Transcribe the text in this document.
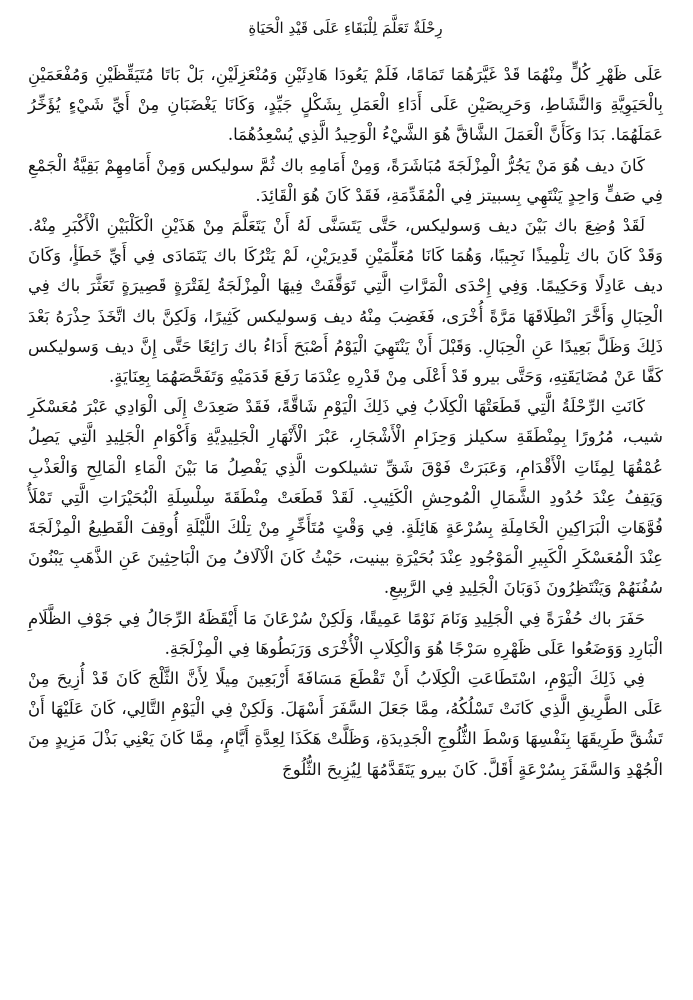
رِحْلَةٌ تَعَلَّمَ لِلْبَقَاءِ عَلَى قَيْدِ الْحَيَاةِ

عَلَى ظَهْرِ كُلٍّ مِنْهُمَا قَدْ غَيَّرَهُمَا تَمَامًا، فَلَمْ يَعُودَا هَادِئَيْنِ وَمُنْعَزِلَيْنِ، بَلْ بَاتَا مُتَيَقِّظَيْنِ وَمُفْعَمَيْنِ بِالْحَيَوِيَّةِ وَالنَّشَاطِ، وَحَرِيصَيْنِ عَلَى أَدَاءِ الْعَمَلِ بِشَكْلٍ جَيِّدٍ، وَكَانَا يَغْضَبَانِ مِنْ أَيِّ شَيْءٍ يُؤَخِّرُ عَمَلَهُمَا. بَدَا وَكَأَنَّ الْعَمَلَ الشَّاقَّ هُوَ الشَّيْءُ الْوَحِيدُ الَّذِي يُسْعِدُهُمَا.

كَانَ ديف هُوَ مَنْ يَجُرُّ الْمِزْلَجَةَ مُبَاشَرَةً، وَمِنْ أَمَامِهِ باك ثُمَّ سوليكس وَمِنْ أَمَامِهِمْ بَقِيَّةُ الْجَمْعِ فِي صَفٍّ وَاحِدٍ يَنْتَهِي بِسبيتز فِي الْمُقَدِّمَةِ، فَقَدْ كَانَ هُوَ الْقَائِدَ.

لَقَدْ وُضِعَ باك بَيْنَ ديف وَسوليكس، حَتَّى يَتَسَنَّى لَهُ أَنْ يَتَعَلَّمَ مِنْ هَذَيْنِ الْكَلْبَيْنِ الْأَكْبَرِ مِنْهُ. وَقَدْ كَانَ باك تِلْمِيذًا نَجِيبًا، وَهُمَا كَانَا مُعَلِّمَيْنِ قَدِيرَيْنِ، لَمْ يَتْرُكَا باك يَتَمَادَى فِي أَيِّ خَطَأٍ، وَكَانَ ديف عَادِلًا وَحَكِيمًا. وَفِي إِحْدَى الْمَرَّاتِ الَّتِي تَوَقَّفَتْ فِيهَا الْمِزْلَجَةُ لِفَتْرَةٍ قَصِيرَةٍ تَعَثَّرَ باك فِي الْحِبَالِ وَأَخَّرَ انْطِلَاقَهَا مَرَّةً أُخْرَى، فَغَضِبَ مِنْهُ ديف وَسوليكس كَثِيرًا، وَلَكِنَّ باك اتَّخَذَ حِذْرَهُ بَعْدَ ذَلِكَ وَظَلَّ بَعِيدًا عَنِ الْحِبَالِ. وَقَبْلَ أَنْ يَنْتَهِيَ الْيَوْمُ أَصْبَحَ أَدَاءُ باك رَائِعًا حَتَّى إِنَّ ديف وَسوليكس كَفَّا عَنْ مُضَايَقَتِهِ، وَحَتَّى بيرو قَدْ أَعْلَى مِنْ قَدْرِهِ عِنْدَمَا رَفَعَ قَدَمَيْهِ وَتَفَحَّصَهُمَا بِعِنَايَةٍ.

كَانَتِ الرِّحْلَةُ الَّتِي قَطَعَتْهَا الْكِلَابُ فِي ذَلِكَ الْيَوْمِ شَاقَّةً، فَقَدْ صَعِدَتْ إِلَى الْوَادِي عَبْرَ مُعَسْكَرِ شيب، مُرُورًا بِمِنْطَقَةِ سكيلز وَحِزَامِ الْأَشْجَارِ، عَبْرَ الْأَنْهَارِ الْجَلِيدِيَّةِ وَأَكْوَامِ الْجَلِيدِ الَّتِي يَصِلُ عُمْقُهَا لِمِئَاتِ الْأَقْدَامِ، وَعَبَرَتْ فَوْقَ شَقِّ تشيلكوت الَّذِي يَفْصِلُ مَا بَيْنَ الْمَاءِ الْمَالِحِ وَالْعَذْبِ وَيَقِفُ عِنْدَ حُدُودِ الشَّمَالِ الْمُوحِشِ الْكَئِيبِ. لَقَدْ قَطَعَتْ مِنْطَقَةَ سِلْسِلَةِ الْبُحَيْرَاتِ الَّتِي تَمْلَأُ فُوَّهَاتِ الْبَرَاكِينِ الْخَامِلَةِ بِسُرْعَةٍ هَائِلَةٍ. فِي وَقْتٍ مُتَأَخِّرٍ مِنْ تِلْكَ اللَّيْلَةِ أُوقِفَ الْقَطِيعُ الْمِزْلَجَةَ عِنْدَ الْمُعَسْكَرِ الْكَبِيرِ الْمَوْجُودِ عِنْدَ بُحَيْرَةِ بينيت، حَيْثُ كَانَ الْآلَافُ مِنَ الْبَاحِثِينَ عَنِ الذَّهَبِ يَبْنُونَ سُفُنَهُمْ وَيَنْتَظِرُونَ ذَوَبَانَ الْجَلِيدِ فِي الرَّبِيعِ.

حَفَرَ باك حُفْرَةً فِي الْجَلِيدِ وَنَامَ نَوْمًا عَمِيقًا، وَلَكِنْ سُرْعَانَ مَا أَيْقَظَهُ الرِّجَالُ فِي جَوْفِ الظَّلَامِ الْبَارِدِ وَوَضَعُوا عَلَى ظَهْرِهِ سَرْجًا هُوَ وَالْكِلَابِ الْأُخْرَى وَرَبَطُوهَا فِي الْمِزْلَجَةِ.

فِي ذَلِكَ الْيَوْمِ، اسْتَطَاعَتِ الْكِلَابُ أَنْ تَقْطَعَ مَسَافَةَ أَرْبَعِينَ مِيلًا لِأَنَّ الثَّلْجَ كَانَ قَدْ أُزِيحَ مِنْ عَلَى الطَّرِيقِ الَّذِي كَانَتْ تَسْلُكُهُ، مِمَّا جَعَلَ السَّفَرَ أَسْهَلَ. وَلَكِنْ فِي الْيَوْمِ التَّالِي، كَانَ عَلَيْهَا أَنْ تَشُقَّ طَرِيقَهَا بِنَفْسِهَا وَسْطَ الثُّلُوجِ الْجَدِيدَةِ، وَظَلَّتْ هَكَذَا لِعِدَّةِ أَيَّامٍ، مِمَّا كَانَ يَعْنِي بَذْلَ مَزِيدٍ مِنَ الْجُهْدِ وَالسَّفَرَ بِسُرْعَةٍ أَقَلَّ. كَانَ بيرو يَتَقَدَّمُهَا لِيُزِيحَ الثُّلُوجَ
